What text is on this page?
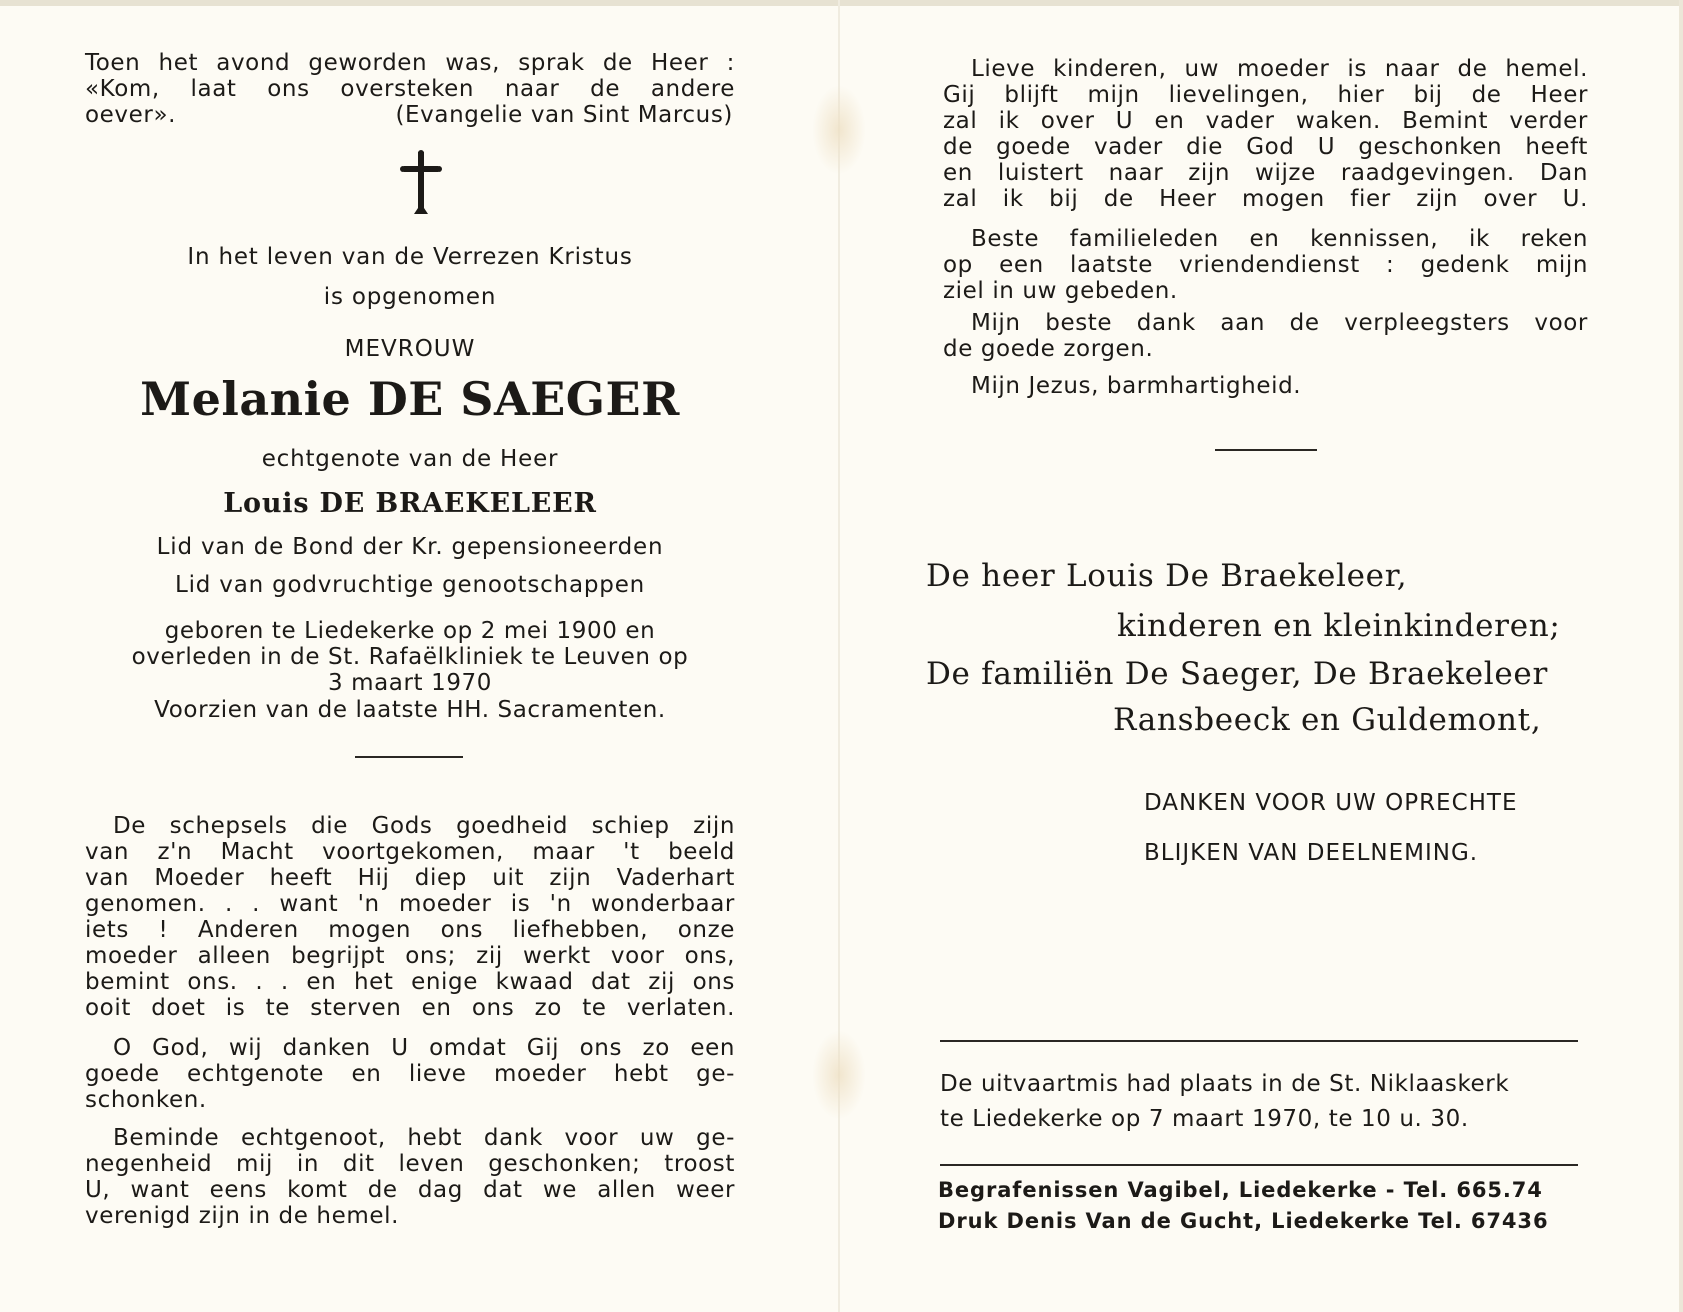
Toen het avond geworden was, sprak de Heer :

«Kom, laat ons oversteken naar de andere

oever».	(Evangelie van Sint Marcus)
In het leven van de Verrezen Kristus
is opgenomen
MEVROUW
Melanie DE SAEGER
echtgenote van de Heer
Louis DE BRAEKELEER
Lid van de Bond der Kr. gepensioneerden
Lid van godvruchtige genootschappen
geboren te Liedekerke op 2 mei 1900 en
overleden in de St. Rafaëlkliniek te Leuven op
3 maart 1970
Voorzien van de laatste HH. Sacramenten.

De schepsels die Gods goedheid schiep zijn

van z'n Macht voortgekomen, maar 't beeld

van Moeder heeft Hij diep uit zijn Vaderhart

genomen. . . want 'n moeder is 'n wonderbaar

iets ! Anderen mogen ons liefhebben, onze

moeder alleen begrijpt ons; zij werkt voor ons,

bemint ons. . . en het enige kwaad dat zij ons

ooit doet is te sterven en ons zo te verlaten.

O God, wij danken U omdat Gij ons zo een

goede echtgenote en lieve moeder hebt ge-

schonken.

Beminde echtgenoot, hebt dank voor uw ge-

negenheid mij in dit leven geschonken; troost

U, want eens komt de dag dat we allen weer

verenigd zijn in de hemel.

Lieve kinderen, uw moeder is naar de hemel.

Gij blijft mijn lievelingen, hier bij de Heer

zal ik over U en vader waken. Bemint verder

de goede vader die God U geschonken heeft

en luistert naar zijn wijze raadgevingen. Dan

zal ik bij de Heer mogen fier zijn over U.

Beste familieleden en kennissen, ik reken

op een laatste vriendendienst : gedenk mijn

ziel in uw gebeden.

Mijn beste dank aan de verpleegsters voor

de goede zorgen.

Mijn Jezus, barmhartigheid.

De heer Louis De Braekeleer,
kinderen en kleinkinderen;
De familiën De Saeger, De Braekeleer
Ransbeeck en Guldemont,
DANKEN VOOR UW OPRECHTE
BLIJKEN VAN DEELNEMING.
De uitvaartmis had plaats in de St. Niklaaskerk
te Liedekerke op 7 maart 1970, te 10 u. 30.
Begrafenissen Vagibel, Liedekerke - Tel. 665.74
Druk Denis Van de Gucht, Liedekerke Tel. 67436
